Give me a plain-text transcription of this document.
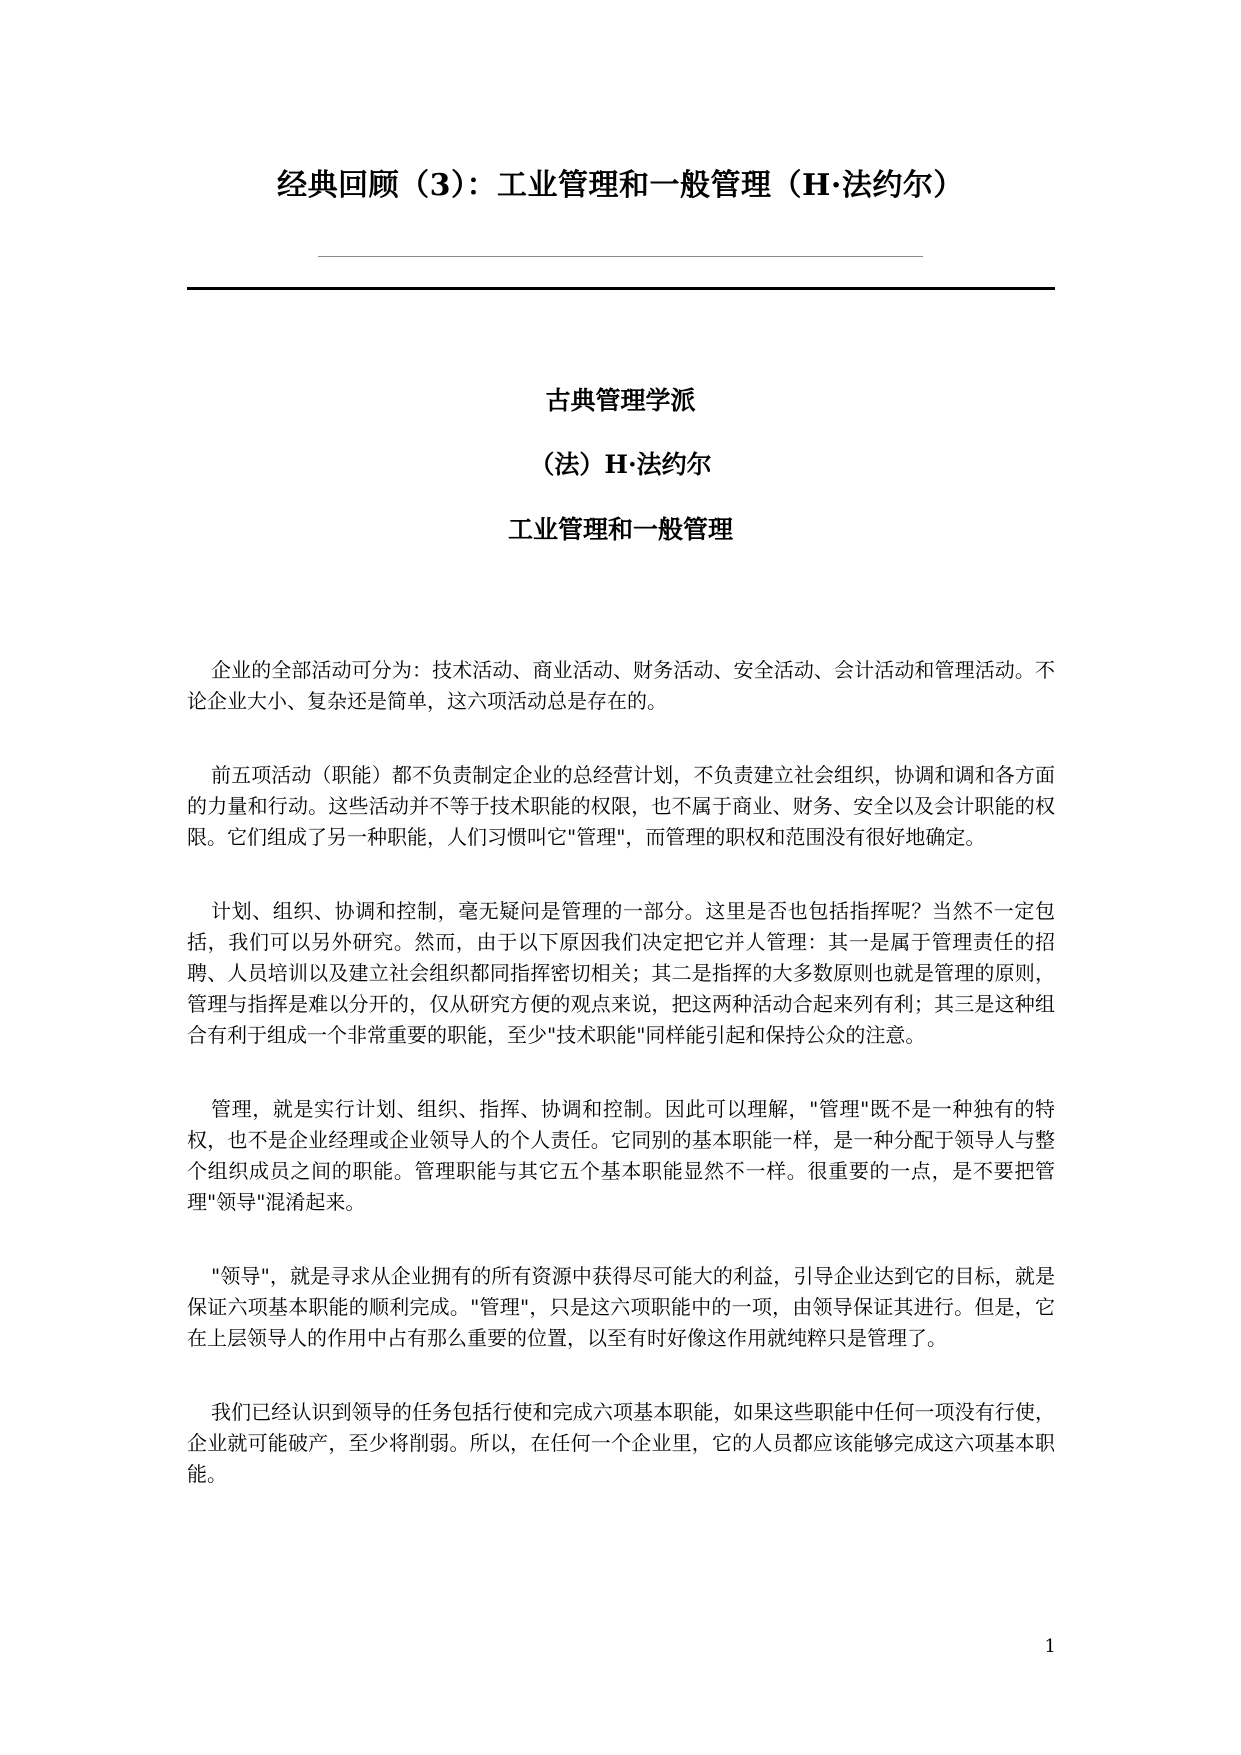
经典回顾（3）：工业管理和一般管理（H·法约尔）
古典管理学派
（法）H·法约尔
工业管理和一般管理

企业的全部活动可分为：技术活动、商业活动、财务活动、安全活动、会计活动和管理活动。不论企业大小、复杂还是简单，这六项活动总是存在的。

前五项活动（职能）都不负责制定企业的总经营计划，不负责建立社会组织，协调和调和各方面的力量和行动。这些活动并不等于技术职能的权限，也不属于商业、财务、安全以及会计职能的权限。它们组成了另一种职能，人们习惯叫它"管理"，而管理的职权和范围没有很好地确定。

计划、组织、协调和控制，毫无疑问是管理的一部分。这里是否也包括指挥呢？当然不一定包括，我们可以另外研究。然而，由于以下原因我们决定把它并人管理：其一是属于管理责任的招聘、人员培训以及建立社会组织都同指挥密切相关；其二是指挥的大多数原则也就是管理的原则，管理与指挥是难以分开的，仅从研究方便的观点来说，把这两种活动合起来列有利；其三是这种组合有利于组成一个非常重要的职能，至少"技术职能"同样能引起和保持公众的注意。

管理，就是实行计划、组织、指挥、协调和控制。因此可以理解，"管理"既不是一种独有的特权，也不是企业经理或企业领导人的个人责任。它同别的基本职能一样，是一种分配于领导人与整个组织成员之间的职能。管理职能与其它五个基本职能显然不一样。很重要的一点，是不要把管理"领导"混淆起来。

"领导"，就是寻求从企业拥有的所有资源中获得尽可能大的利益，引导企业达到它的目标，就是保证六项基本职能的顺利完成。"管理"，只是这六项职能中的一项，由领导保证其进行。但是，它在上层领导人的作用中占有那么重要的位置，以至有时好像这作用就纯粹只是管理了。

我们已经认识到领导的任务包括行使和完成六项基本职能，如果这些职能中任何一项没有行使，企业就可能破产，至少将削弱。所以，在任何一个企业里，它的人员都应该能够完成这六项基本职能。

1
